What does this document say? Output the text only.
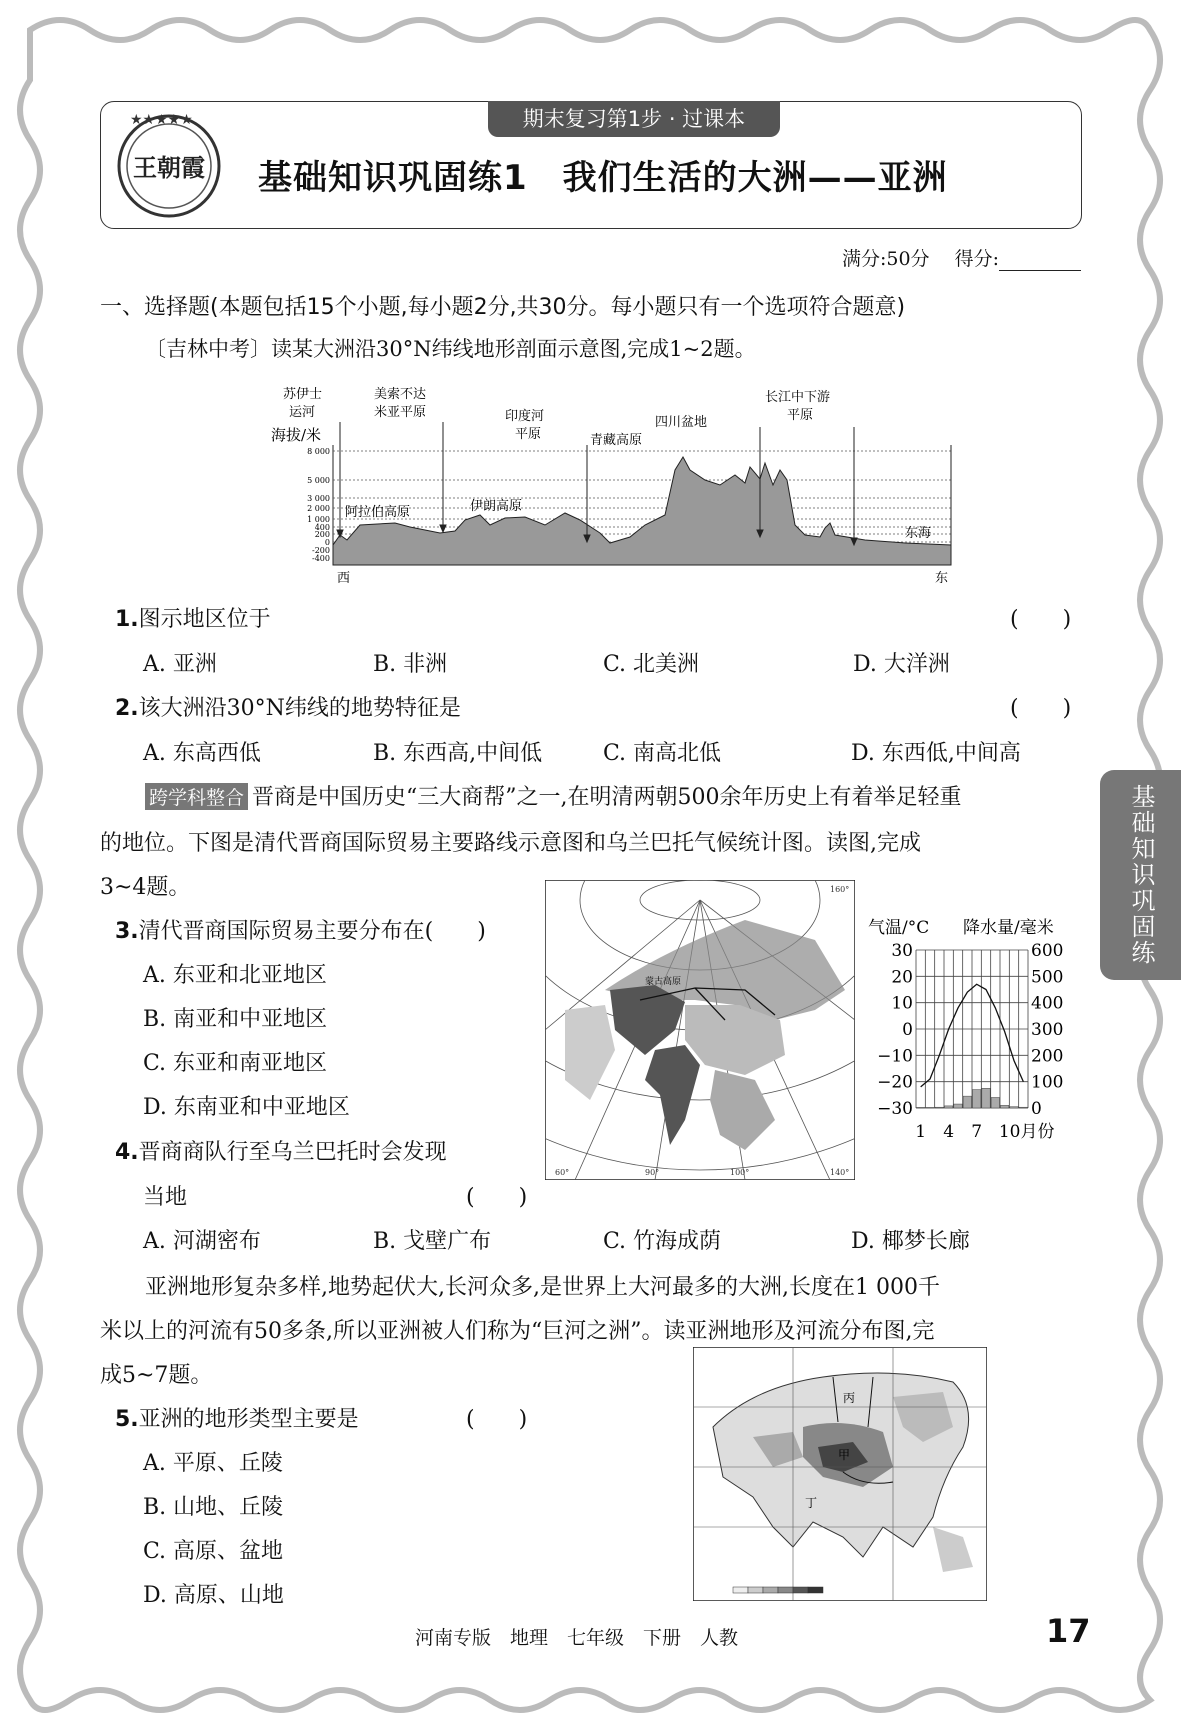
★★★★★
王朝霞
期末复习第1步 · 过课本
基础知识巩固练1　我们生活的大洲——亚洲
满分:50分　 得分:
一、选择题(本题包括15个小题,每小题2分,共30分。每小题只有一个选项符合题意)
〔吉林中考〕读某大洲沿30°N纬线地形剖面示意图,完成1~2题。
海拔/米
8 000
5 000
3 000
2 000
1 000
400
200
0
-200
-400
苏伊士
运河
美索不达
米亚平原	印度河
平原	青藏高原
四川盆地
长江中下游
平原
阿拉伯高原	伊朗高原
东海
西	东
1.图示地区位于	(　　)
A. 亚洲	B. 非洲	C. 北美洲	D. 大洋洲
2.该大洲沿30°N纬线的地势特征是	(　　)
A. 东高西低	B. 东西高,中间低	C. 南高北低	D. 东西低,中间高
跨学科整合 晋商是中国历史“三大商帮”之一,在明清两朝500余年历史上有着举足轻重
的地位。下图是清代晋商国际贸易主要路线示意图和乌兰巴托气候统计图。读图,完成
3~4题。
3.清代晋商国际贸易主要分布在(　　)
A. 东亚和北亚地区
B. 南亚和中亚地区
C. 东亚和南亚地区
D. 东南亚和中亚地区
4.晋商商队行至乌兰巴托时会发现
当地	(　　)
A. 河湖密布	B. 戈壁广布	C. 竹海成荫	D. 椰梦长廊
蒙古高原
60°	90°	100°	140°
160°
气温/°C 降水量/毫米
30
20
10
0
−10
−20
−30
600
500
400
300
200
100
0
1 4 7 10月份
亚洲地形复杂多样,地势起伏大,长河众多,是世界上大河最多的大洲,长度在1 000千
米以上的河流有50多条,所以亚洲被人们称为“巨河之洲”。读亚洲地形及河流分布图,完
成5~7题。
5.亚洲的地形类型主要是	(　　)
A. 平原、丘陵
B. 山地、丘陵
C. 高原、盆地
D. 高原、山地
丙
甲
丁
基础知识巩固练
河南专版　地理　七年级　下册　人教	17
